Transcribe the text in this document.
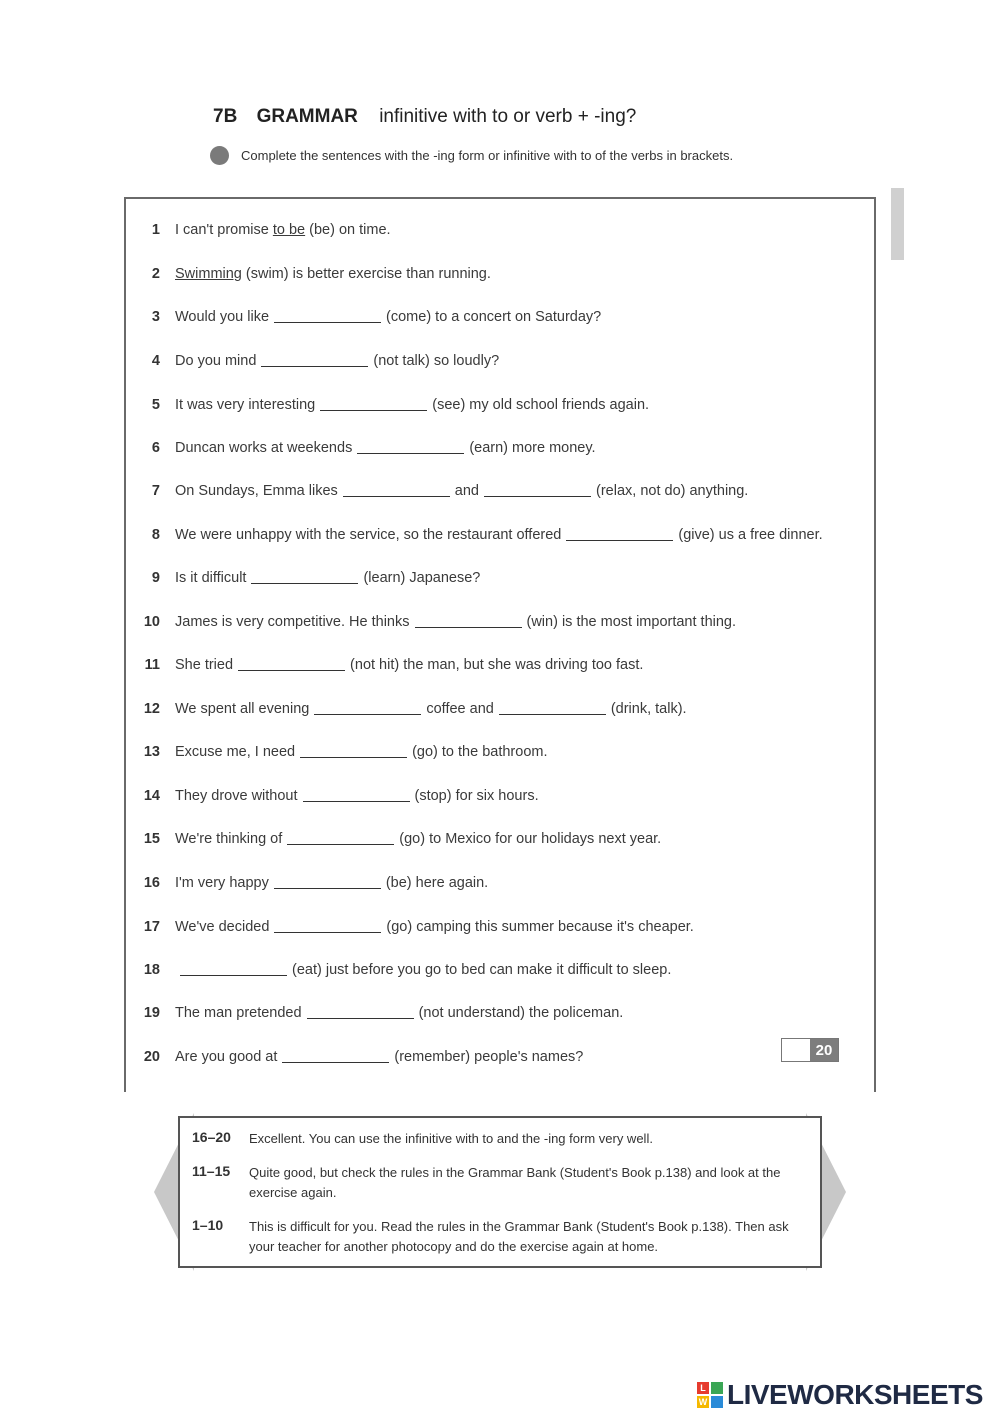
7B GRAMMAR infinitive with to or verb + -ing?
Complete the sentences with the -ing form or infinitive with to of the verbs in brackets.
1 I can't promise to be (be) on time.
2 Swimming (swim) is better exercise than running.
3 Would you like	(come) to a concert on Saturday?
4 Do you mind	(not talk) so loudly?
5 It was very interesting	(see) my old school friends again.
6 Duncan works at weekends	(earn) more money.
7 On Sundays, Emma likes	and	(relax, not do) anything.
8 We were unhappy with the service, so the restaurant offered	(give) us a free dinner.
9 Is it difficult	(learn) Japanese?
10 James is very competitive. He thinks	(win) is the most important thing.
11 She tried	(not hit) the man, but she was driving too fast.
12 We spent all evening	coffee and	(drink, talk).
13 Excuse me, I need	(go) to the bathroom.
14 They drove without	(stop) for six hours.
15 We're thinking of	(go) to Mexico for our holidays next year.
16 I'm very happy	(be) here again.
17 We've decided	(go) camping this summer because it's cheaper.
18	(eat) just before you go to bed can make it difficult to sleep.
19 The man pretended	(not understand) the policeman.
20 Are you good at	(remember) people's names?	20
16–20	Excellent. You can use the infinitive with to and the -ing form very well.
11–15	Quite good, but check the rules in the Grammar Bank (Student's Book p.138) and look at the exercise again.
1–10	This is difficult for you. Read the rules in the Grammar Bank (Student's Book p.138). Then ask your teacher for another photocopy and do the exercise again at home.
L
W LIVEWORKSHEETS
